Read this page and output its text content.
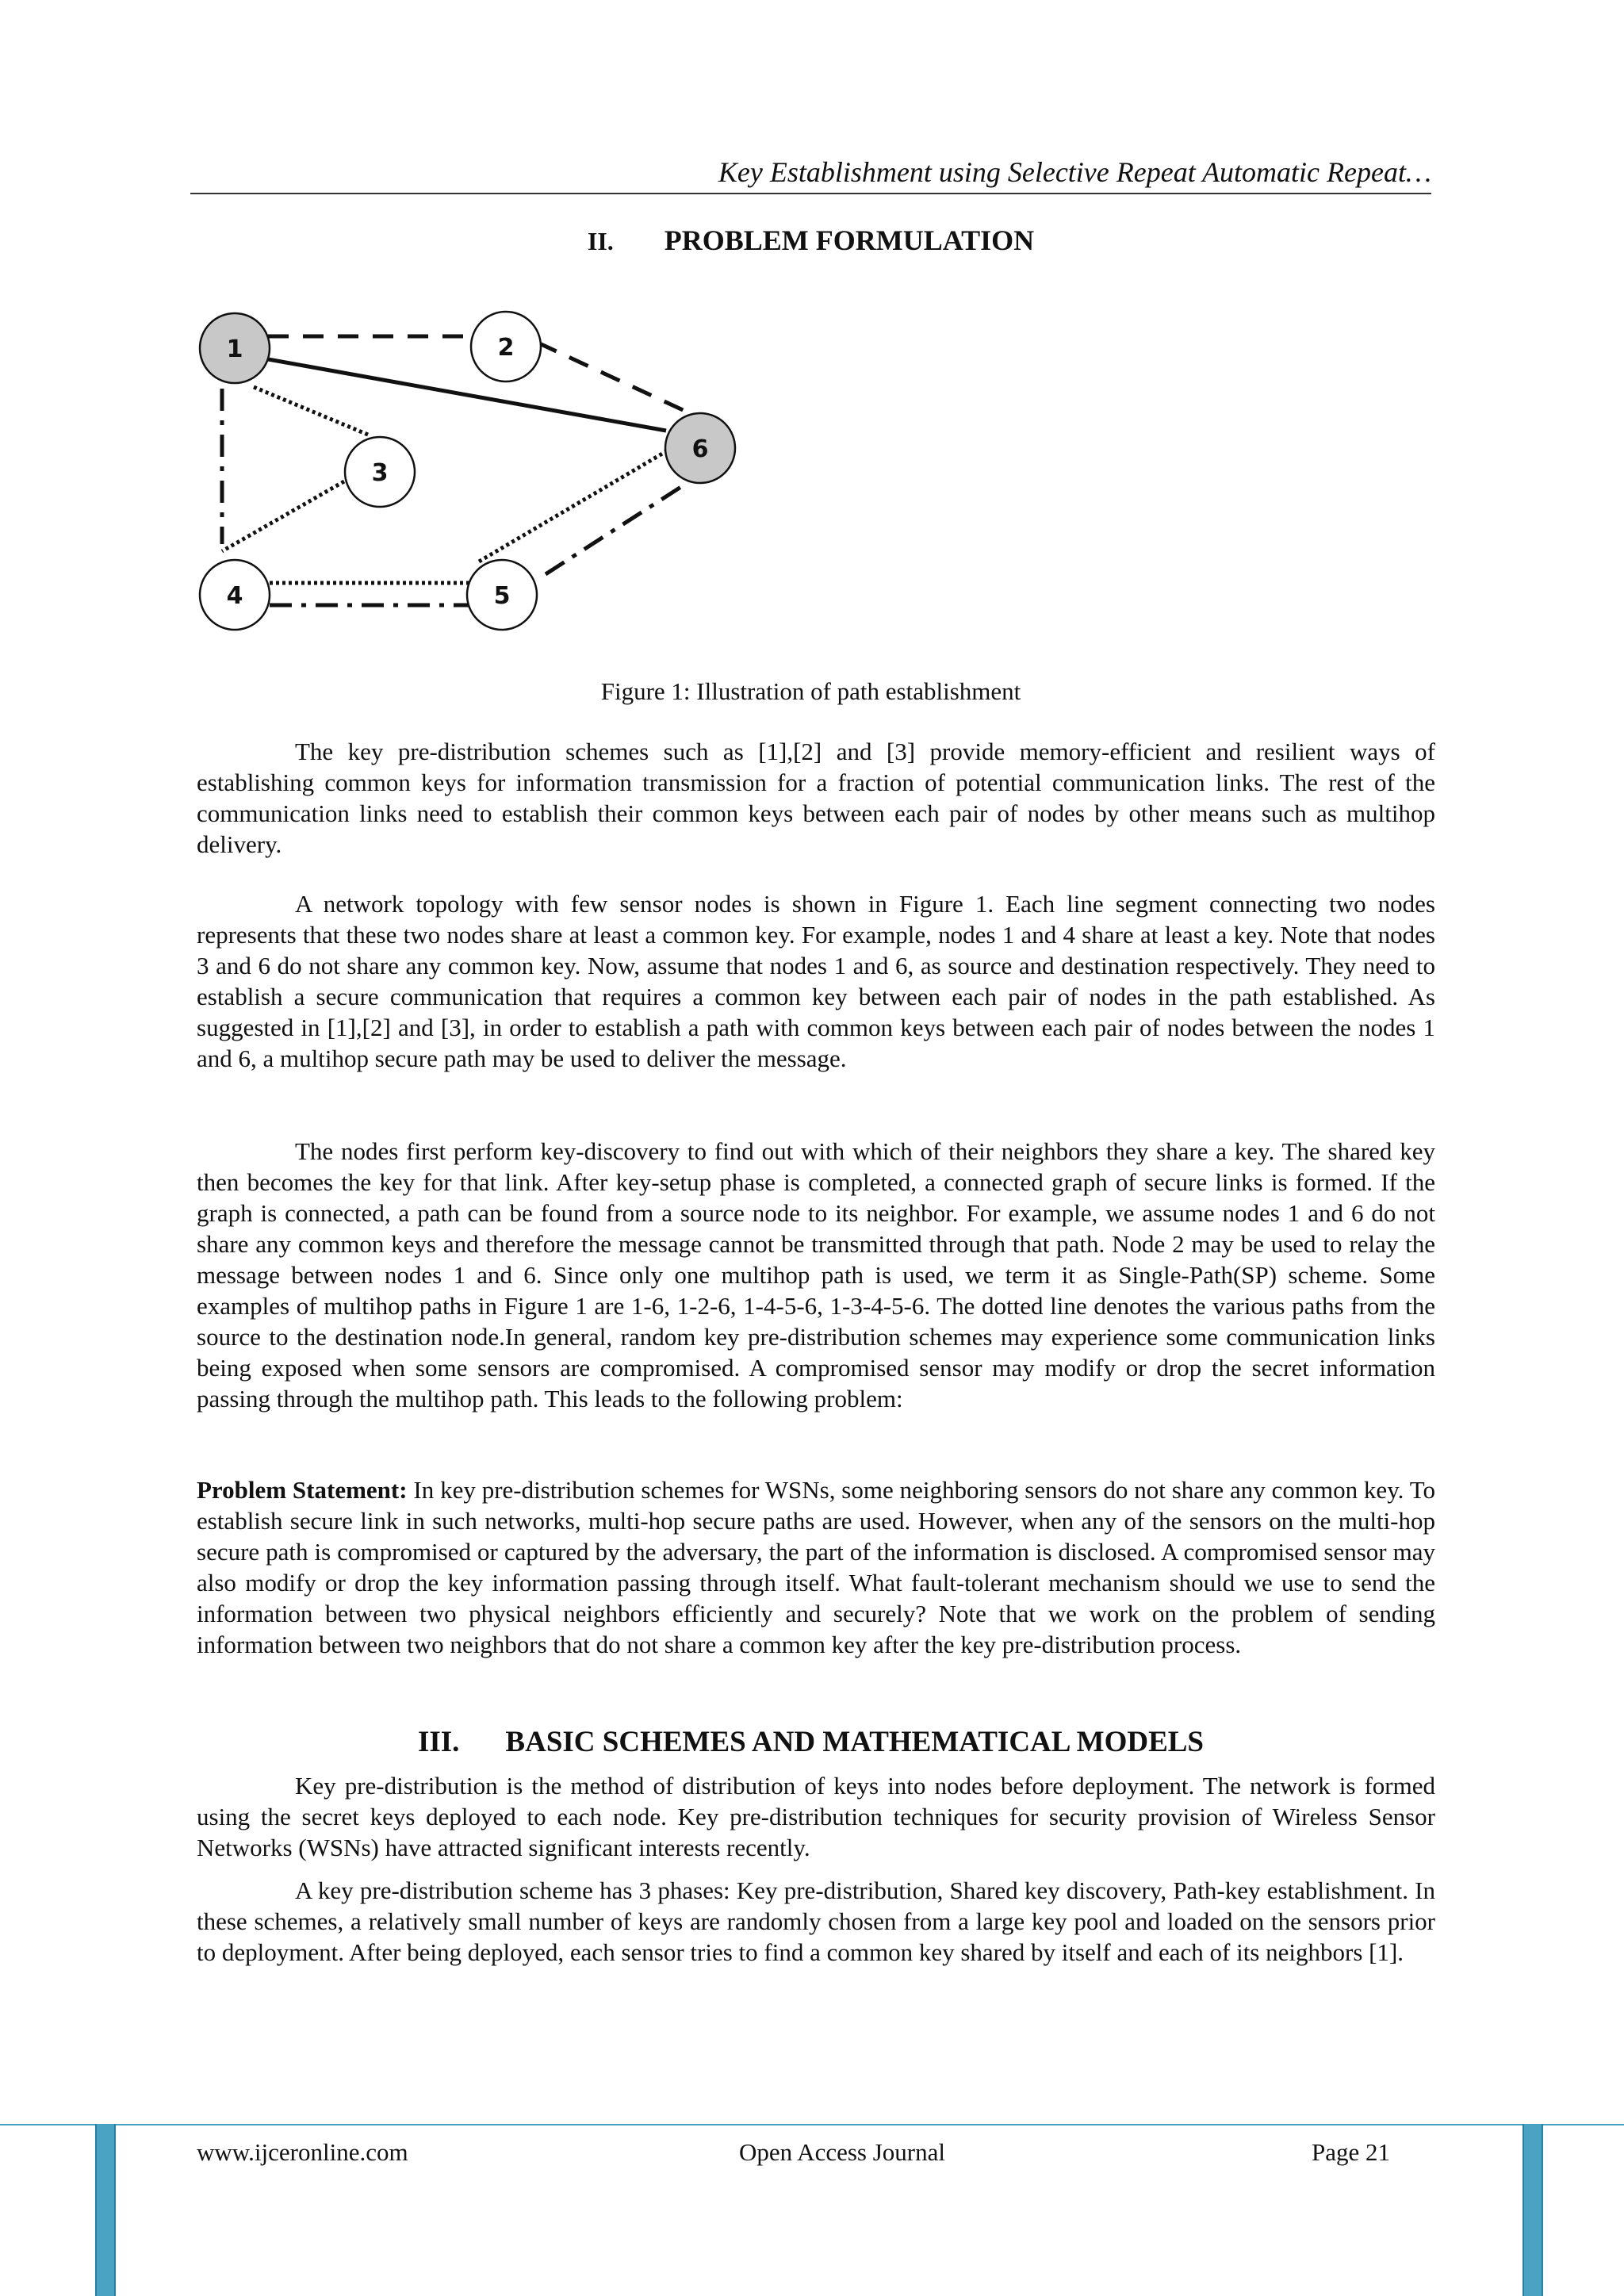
Key Establishment using Selective Repeat Automatic Repeat…
II. PROBLEM FORMULATION
1	2
3
4	5
6
Figure 1: Illustration of path establishment

The key pre-distribution schemes such as [1],[2] and [3] provide memory-efficient and resilient ways of establishing common keys for information transmission for a fraction of potential communication links. The rest of the communication links need to establish their common keys between each pair of nodes by other means such as multihop delivery.

A network topology with few sensor nodes is shown in Figure 1. Each line segment connecting two nodes represents that these two nodes share at least a common key. For example, nodes 1 and 4 share at least a key. Note that nodes 3 and 6 do not share any common key. Now, assume that nodes 1 and 6, as source and destination respectively. They need to establish a secure communication that requires a common key between each pair of nodes in the path established. As suggested in [1],[2] and [3], in order to establish a path with common keys between each pair of nodes between the nodes 1 and 6, a multihop secure path may be used to deliver the message.

The nodes first perform key-discovery to find out with which of their neighbors they share a key. The shared key then becomes the key for that link. After key-setup phase is completed, a connected graph of secure links is formed. If the graph is connected, a path can be found from a source node to its neighbor. For example, we assume nodes 1 and 6 do not share any common keys and therefore the message cannot be transmitted through that path. Node 2 may be used to relay the message between nodes 1 and 6. Since only one multihop path is used, we term it as Single-Path(SP) scheme. Some examples of multihop paths in Figure 1 are 1-6, 1-2-6, 1-4-5-6, 1-3-4-5-6. The dotted line denotes the various paths from the source to the destination node.In general, random key pre-distribution schemes may experience some communication links being exposed when some sensors are compromised. A compromised sensor may modify or drop the secret information passing through the multihop path. This leads to the following problem:

Problem Statement: In key pre-distribution schemes for WSNs, some neighboring sensors do not share any common key. To establish secure link in such networks, multi-hop secure paths are used. However, when any of the sensors on the multi-hop secure path is compromised or captured by the adversary, the part of the information is disclosed. A compromised sensor may also modify or drop the key information passing through itself. What fault-tolerant mechanism should we use to send the information between two physical neighbors efficiently and securely? Note that we work on the problem of sending information between two neighbors that do not share a common key after the key pre-distribution process.

III. BASIC SCHEMES AND MATHEMATICAL MODELS

Key pre-distribution is the method of distribution of keys into nodes before deployment. The network is formed using the secret keys deployed to each node. Key pre-distribution techniques for security provision of Wireless Sensor Networks (WSNs) have attracted significant interests recently.

A key pre-distribution scheme has 3 phases: Key pre-distribution, Shared key discovery, Path-key establishment. In these schemes, a relatively small number of keys are randomly chosen from a large key pool and loaded on the sensors prior to deployment. After being deployed, each sensor tries to find a common key shared by itself and each of its neighbors [1].

www.ijceronline.com	Open Access Journal	Page 21
